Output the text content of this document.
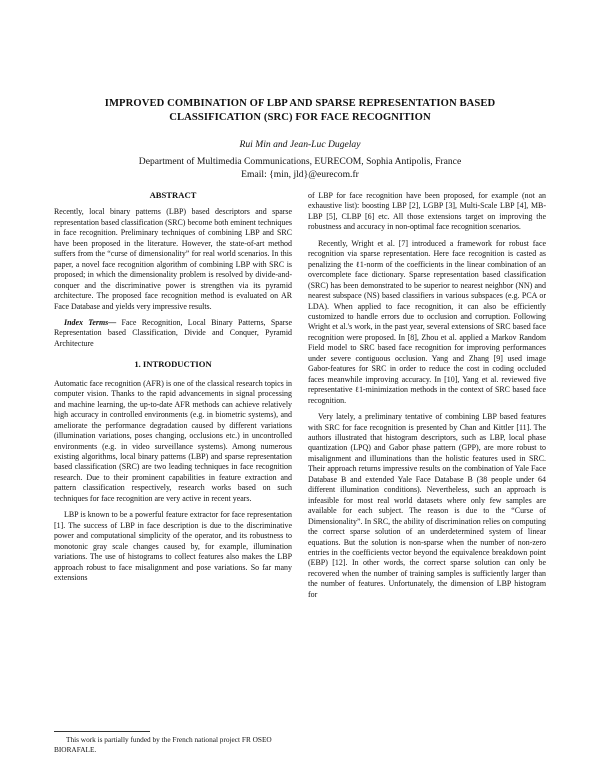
IMPROVED COMBINATION OF LBP AND SPARSE REPRESENTATION BASED
CLASSIFICATION (SRC) FOR FACE RECOGNITION
Rui Min and Jean-Luc Dugelay
Department of Multimedia Communications, EURECOM, Sophia Antipolis, France
Email: {min, jld}@eurecom.fr
ABSTRACT

Recently, local binary patterns (LBP) based descriptors and sparse representation based classification (SRC) become both eminent techniques in face recognition. Preliminary techniques of combining LBP and SRC have been proposed in the literature. However, the state-of-art method suffers from the “curse of dimensionality” for real world scenarios. In this paper, a novel face recognition algorithm of combining LBP with SRC is proposed; in which the dimensionality problem is resolved by divide-and-conquer and the discriminative power is strengthen via its pyramid architecture. The proposed face recognition method is evaluated on AR Face Database and yields very impressive results.

Index Terms— Face Recognition, Local Binary Patterns, Sparse Representation based Classification, Divide and Conquer, Pyramid Architecture

1. INTRODUCTION

Automatic face recognition (AFR) is one of the classical research topics in computer vision. Thanks to the rapid advancements in signal processing and machine learning, the up-to-date AFR methods can achieve relatively high accuracy in controlled environments (e.g. in biometric systems), and ameliorate the performance degradation caused by different variations (illumination variations, poses changing, occlusions etc.) in uncontrolled environments (e.g. in video surveillance systems). Among numerous existing algorithms, local binary patterns (LBP) and sparse representation based classification (SRC) are two leading techniques in face recognition research. Due to their prominent capabilities in feature extraction and pattern classification respectively, research works based on such techniques for face recognition are very active in recent years.

LBP is known to be a powerful feature extractor for face representation [1]. The success of LBP in face description is due to the discriminative power and computational simplicity of the operator, and its robustness to monotonic gray scale changes caused by, for example, illumination variations. The use of histograms to collect features also makes the LBP approach robust to face misalignment and pose variations. So far many extensions

of LBP for face recognition have been proposed, for example (not an exhaustive list): boosting LBP [2], LGBP [3], Multi-Scale LBP [4], MB-LBP [5], CLBP [6] etc. All those extensions target on improving the robustness and accuracy in non-optimal face recognition scenarios.

Recently, Wright et al. [7] introduced a framework for robust face recognition via sparse representation. Here face recognition is casted as penalizing the ℓ1-norm of the coefficients in the linear combination of an overcomplete face dictionary. Sparse representation based classification (SRC) has been demonstrated to be superior to nearest neighbor (NN) and nearest subspace (NS) based classifiers in various subspaces (e.g. PCA or LDA). When applied to face recognition, it can also be efficiently customized to handle errors due to occlusion and corruption. Following Wright et al.'s work, in the past year, several extensions of SRC based face recognition were proposed. In [8], Zhou et al. applied a Markov Random Field model to SRC based face recognition for improving performances under severe contiguous occlusion. Yang and Zhang [9] used image Gabor-features for SRC in order to reduce the cost in coding occluded faces meanwhile improving accuracy. In [10], Yang et al. reviewed five representative ℓ1-minimization methods in the context of SRC based face recognition.

Very lately, a preliminary tentative of combining LBP based features with SRC for face recognition is presented by Chan and Kittler [11]. The authors illustrated that histogram descriptors, such as LBP, local phase quantization (LPQ) and Gabor phase pattern (GPP), are more robust to misalignment and illuminations than the holistic features used in SRC. Their approach returns impressive results on the combination of Yale Face Database B and extended Yale Face Database B (38 people under 64 different illumination conditions). Nevertheless, such an approach is infeasible for most real world datasets where only few samples are available for each subject. The reason is due to the “Curse of Dimensionality”. In SRC, the ability of discrimination relies on computing the correct sparse solution of an underdetermined system of linear equations. But the solution is non-sparse when the number of non-zero entries in the coefficients vector beyond the equivalence breakdown point (EBP) [12]. In other words, the correct sparse solution can only be recovered when the number of training samples is sufficiently larger than the number of features. Unfortunately, the dimension of LBP histogram for

This work is partially funded by the French national project FR OSEO BIORAFALE.
